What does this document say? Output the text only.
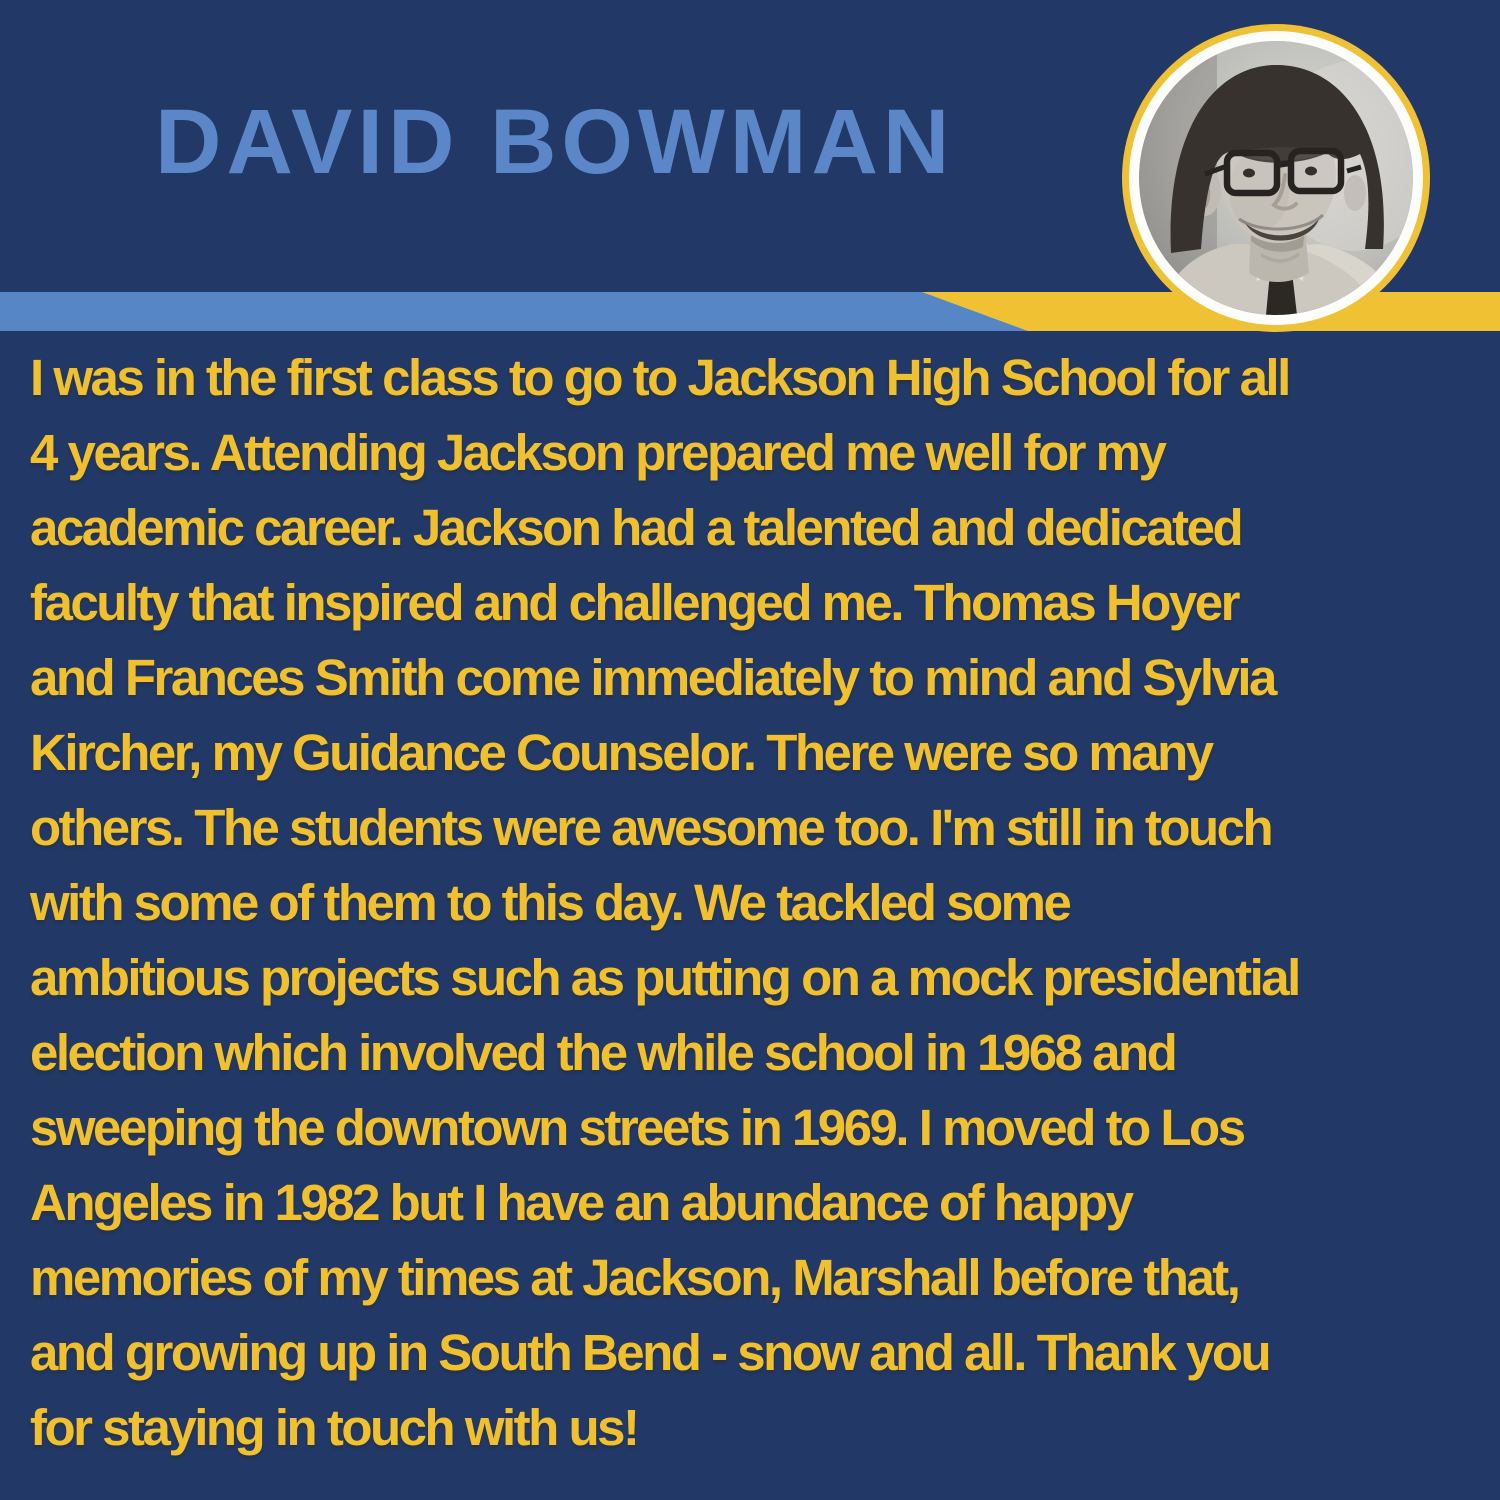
DAVID BOWMAN
I was in the first class to go to Jackson High School for all
4 years. Attending Jackson prepared me well for my
academic career. Jackson had a talented and dedicated
faculty that inspired and challenged me. Thomas Hoyer
and Frances Smith come immediately to mind and Sylvia
Kircher, my Guidance Counselor. There were so many
others. The students were awesome too. I'm still in touch
with some of them to this day. We tackled some
ambitious projects such as putting on a mock presidential
election which involved the while school in 1968 and
sweeping the downtown streets in 1969. I moved to Los
Angeles in 1982 but I have an abundance of happy
memories of my times at Jackson, Marshall before that,
and growing up in South Bend - snow and all. Thank you
for staying in touch with us!
